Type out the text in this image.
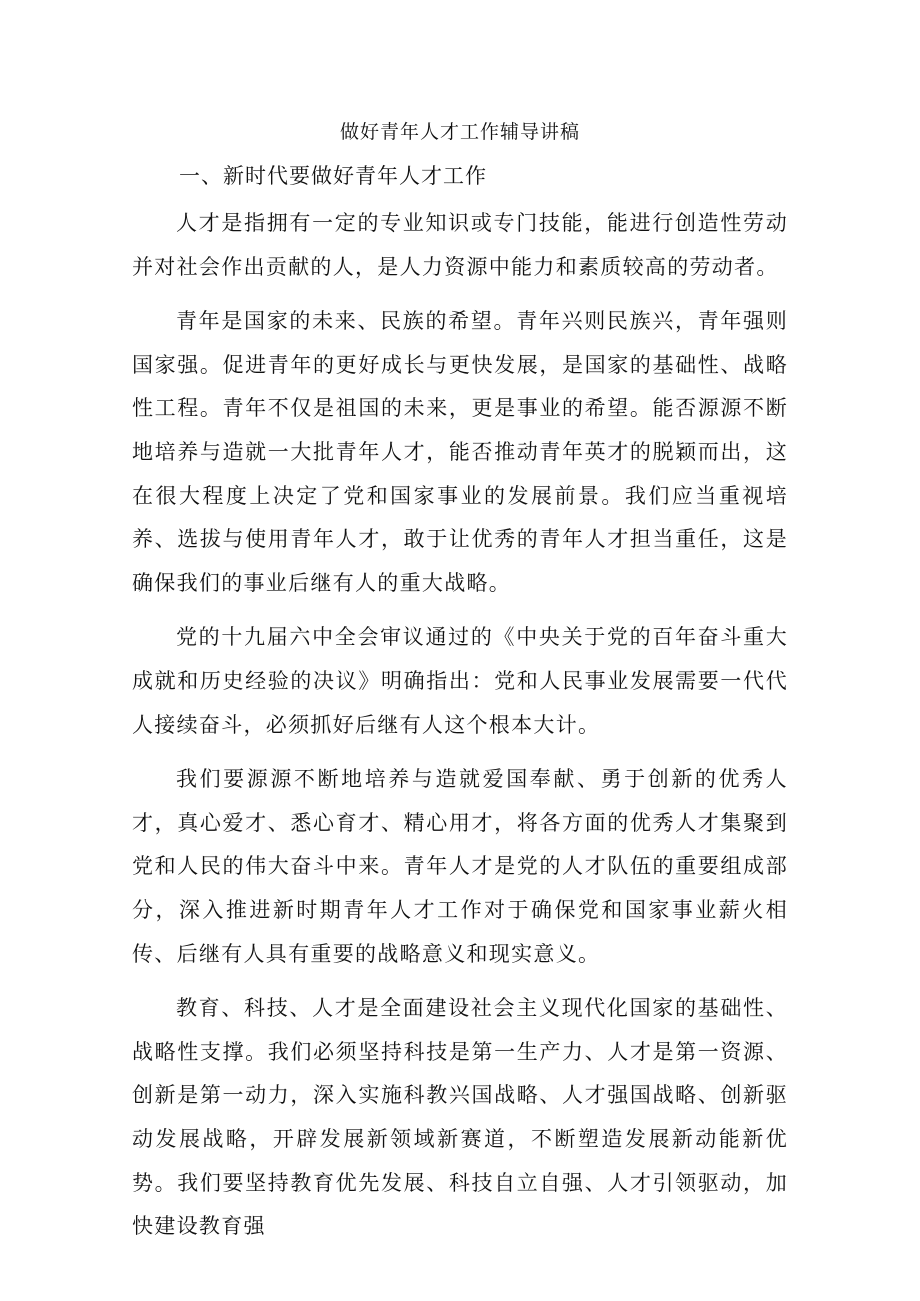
做好青年人才工作辅导讲稿
一、新时代要做好青年人才工作

人才是指拥有一定的专业知识或专门技能，能进行创造性劳动并对社会作出贡献的人，是人力资源中能力和素质较高的劳动者。

青年是国家的未来、民族的希望。青年兴则民族兴，青年强则国家强。促进青年的更好成长与更快发展，是国家的基础性、战略性工程。青年不仅是祖国的未来，更是事业的希望。能否源源不断地培养与造就一大批青年人才，能否推动青年英才的脱颖而出，这在很大程度上决定了党和国家事业的发展前景。我们应当重视培养、选拔与使用青年人才，敢于让优秀的青年人才担当重任，这是确保我们的事业后继有人的重大战略。

党的十九届六中全会审议通过的《中央关于党的百年奋斗重大成就和历史经验的决议》明确指出：党和人民事业发展需要一代代人接续奋斗，必须抓好后继有人这个根本大计。

我们要源源不断地培养与造就爱国奉献、勇于创新的优秀人才，真心爱才、悉心育才、精心用才，将各方面的优秀人才集聚到党和人民的伟大奋斗中来。青年人才是党的人才队伍的重要组成部分，深入推进新时期青年人才工作对于确保党和国家事业薪火相传、后继有人具有重要的战略意义和现实意义。

教育、科技、人才是全面建设社会主义现代化国家的基础性、战略性支撑。我们必须坚持科技是第一生产力、人才是第一资源、创新是第一动力，深入实施科教兴国战略、人才强国战略、创新驱动发展战略，开辟发展新领域新赛道，不断塑造发展新动能新优势。我们要坚持教育优先发展、科技自立自强、人才引领驱动，加快建设教育强
